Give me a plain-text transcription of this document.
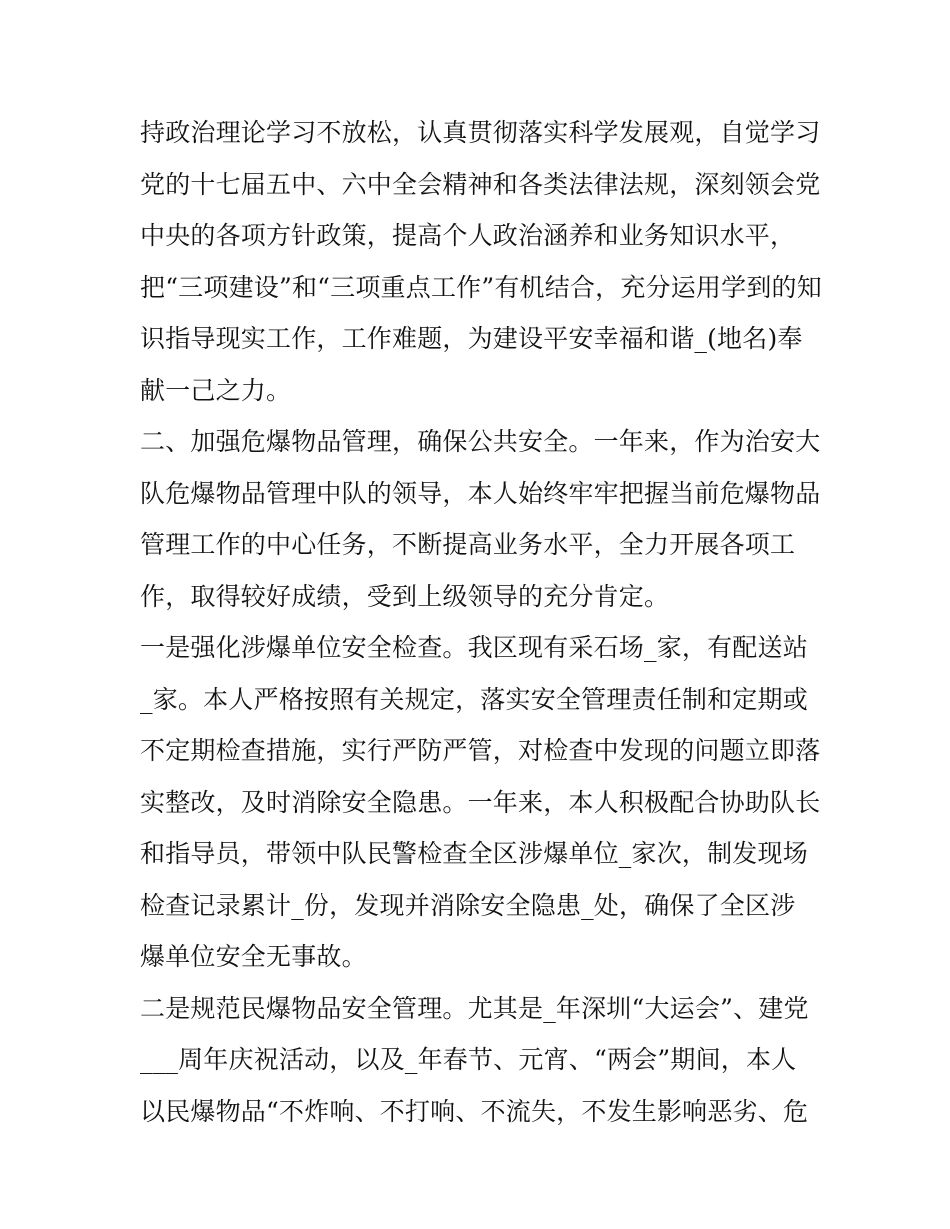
持政治理论学习不放松，认真贯彻落实科学发展观，自觉学习
党的十七届五中、六中全会精神和各类法律法规，深刻领会党
中央的各项方针政策，提高个人政治涵养和业务知识水平，
把“三项建设”和“三项重点工作”有机结合，充分运用学到的知
识指导现实工作，工作难题，为建设平安幸福和谐_(地名)奉
献一己之力。
二、加强危爆物品管理，确保公共安全。一年来，作为治安大
队危爆物品管理中队的领导，本人始终牢牢把握当前危爆物品
管理工作的中心任务，不断提高业务水平，全力开展各项工
作，取得较好成绩，受到上级领导的充分肯定。
一是强化涉爆单位安全检查。我区现有采石场_家，有配送站
_家。本人严格按照有关规定，落实安全管理责任制和定期或
不定期检查措施，实行严防严管，对检查中发现的问题立即落
实整改，及时消除安全隐患。一年来，本人积极配合协助队长
和指导员，带领中队民警检查全区涉爆单位_家次，制发现场
检查记录累计_份，发现并消除安全隐患_处，确保了全区涉
爆单位安全无事故。
二是规范民爆物品安全管理。尤其是_年深圳“大运会”、建党
___周年庆祝活动，以及_年春节、元宵、“两会”期间，本人
以民爆物品“不炸响、不打响、不流失，不发生影响恶劣、危
